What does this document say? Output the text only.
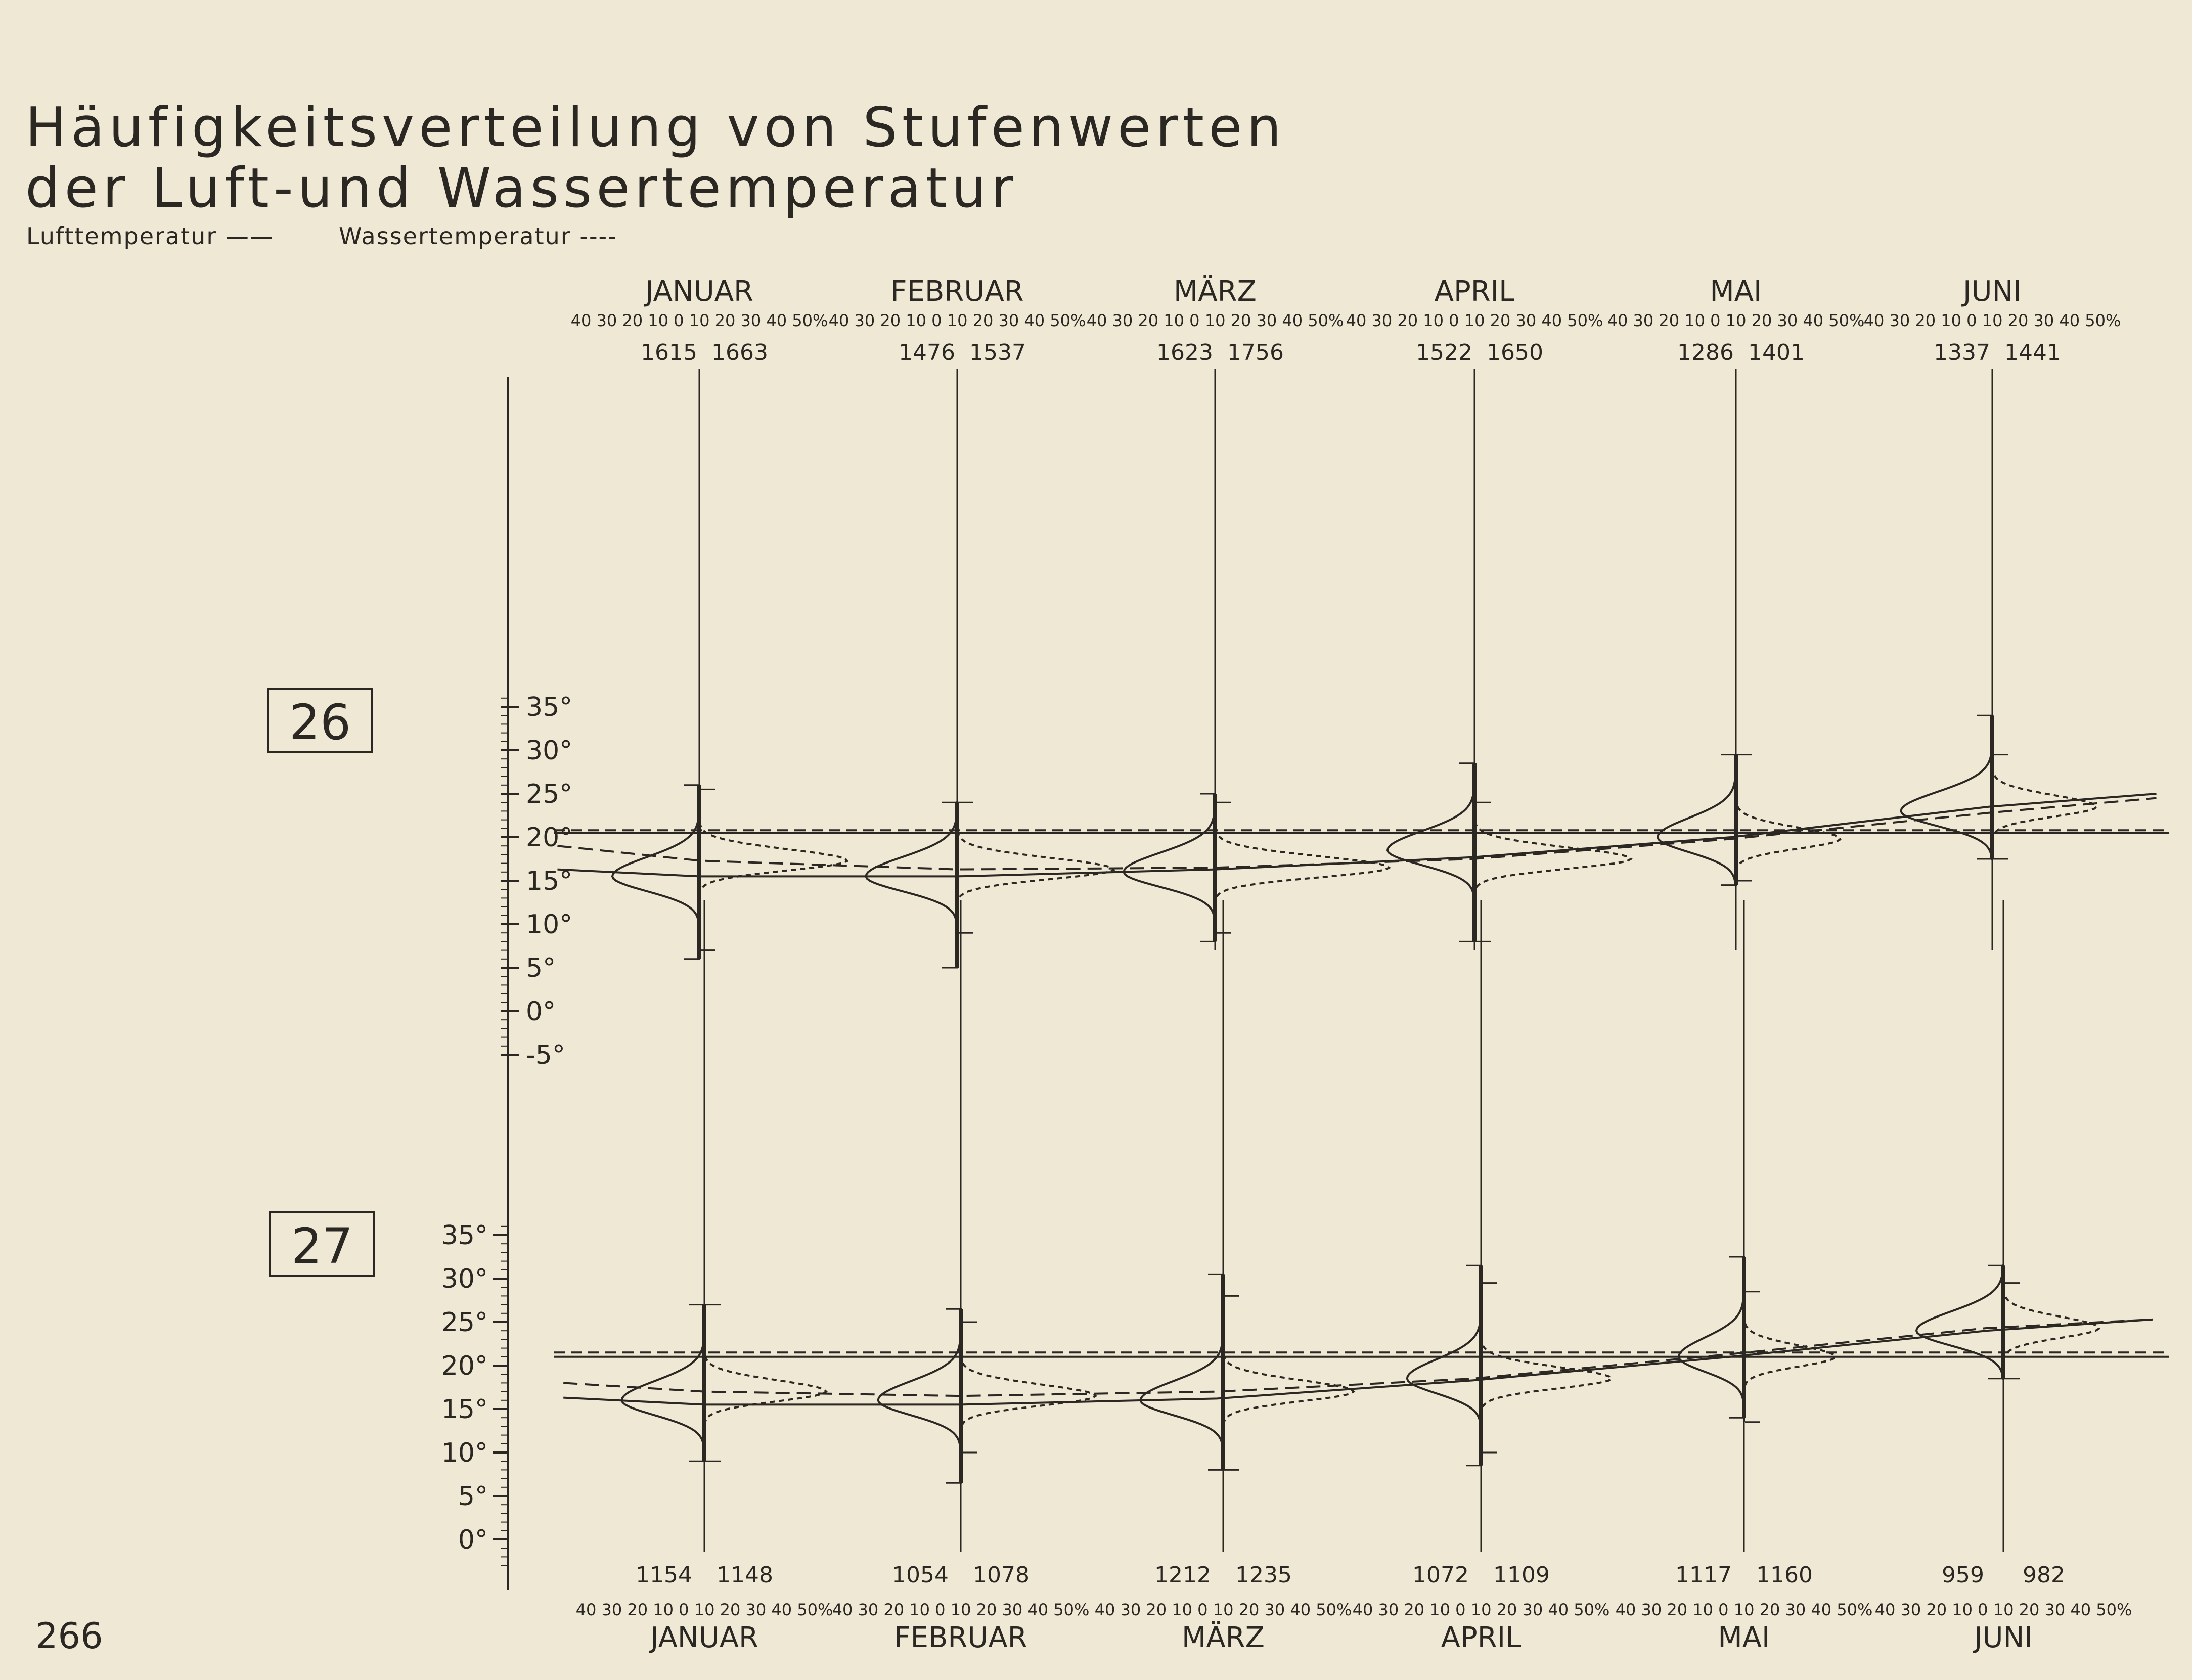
Häufigkeitsverteilung von Stufenwerten
der Luft-und Wassertemperatur
Lufttemperatur ——	Wassertemperatur ----
35°
30°
25°
20°
15°
10°
5°
0°
-5°
35°
30°
25°
20°
15°
10°
5°
0°
JANUAR
40 30 20 10 0 10 20 30 40 50%
1615 1663
FEBRUAR
40 30 20 10 0 10 20 30 40 50%
1476 1537
MÄRZ
40 30 20 10 0 10 20 30 40 50%
1623 1756
APRIL
40 30 20 10 0 10 20 30 40 50%
1522 1650
MAI
40 30 20 10 0 10 20 30 40 50%
1286 1401
JUNI
40 30 20 10 0 10 20 30 40 50%
1337 1441
1154 1148
40 30 20 10 0 10 20 30 40 50%
JANUAR
1054 1078
40 30 20 10 0 10 20 30 40 50%
FEBRUAR
1212 1235
40 30 20 10 0 10 20 30 40 50%
MÄRZ
1072 1109
40 30 20 10 0 10 20 30 40 50%
APRIL
1117 1160
40 30 20 10 0 10 20 30 40 50%
MAI
959 982
40 30 20 10 0 10 20 30 40 50%
JUNI
26
27
266
